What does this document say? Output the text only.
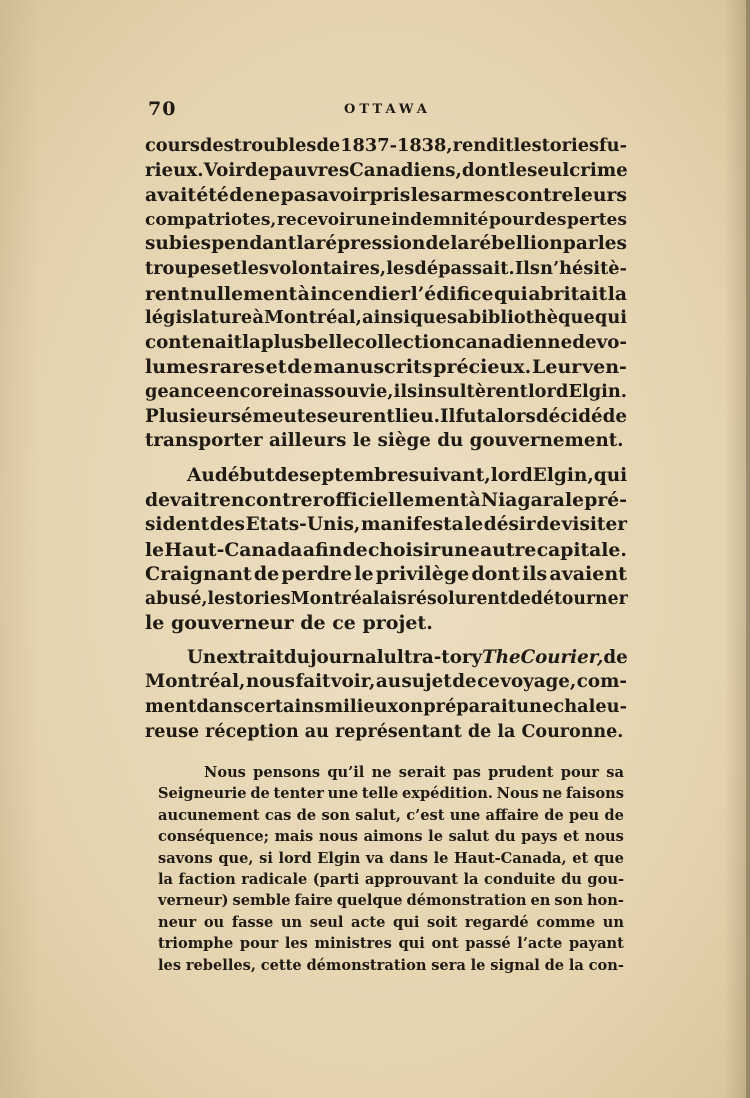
70	OTTAWA
cours des troubles de 1837-1838, rendit les tories fu-
rieux. Voir de pauvres Canadiens, dont le seul crime
avait été de ne pas avoir pris les armes contre leurs
compatriotes, recevoir une indemnité pour des pertes
subies pendant la répression de la rébellion par les
troupes et les volontaires, les dépassait. Ils n’hésitè-
rent nullement à incendier l’édifice qui abritait la
législature à Montréal, ainsi que sa bibliothèque qui
contenait la plus belle collection canadienne de vo-
lumes rares et de manuscrits précieux. Leur ven-
geance encore inassouvie, ils insultèrent lord Elgin.
Plusieurs émeutes eurent lieu. Il fut alors décidé de
transporter
ailleurs
le
siège
du
gouvernement.
Au début de septembre suivant, lord Elgin, qui
devait rencontrer officiellement à Niagara le pré-
sident des Etats-Unis, manifesta le désir de visiter
le Haut-Canada afin de choisir une autre capitale.
Craignant de perdre le privilège dont ils avaient
abusé, les tories Montréalais résolurent de détourner
le
gouverneur
de
ce
projet.
Un extrait du journal ultra-tory The Courier, de
Montréal, nous fait voir, au sujet de ce voyage, com-
ment dans certains milieux on préparait une chaleu-
reuse
réception
au
représentant
de
la
Couronne.
Nous pensons qu’il ne serait pas prudent pour sa
Seigneurie de tenter une telle expédition. Nous ne faisons
aucunement cas de son salut, c’est une affaire de peu de
conséquence; mais nous aimons le salut du pays et nous
savons que, si lord Elgin va dans le Haut-Canada, et que
la faction radicale (parti approuvant la conduite du gou-
verneur) semble faire quelque démonstration en son hon-
neur ou fasse un seul acte qui soit regardé comme un
triomphe pour les ministres qui ont passé l’acte payant
les rebelles, cette démonstration sera le signal de la con-
